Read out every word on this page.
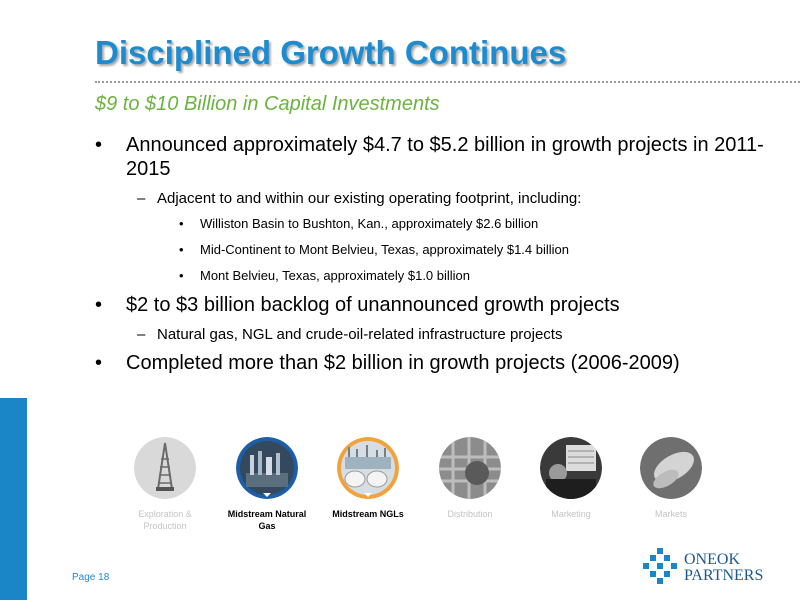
Disciplined Growth Continues
$9 to $10 Billion in Capital Investments
• Announced approximately $4.7 to $5.2 billion in growth projects in 2011-2015
– Adjacent to and within our existing operating footprint, including:
• Williston Basin to Bushton, Kan., approximately $2.6 billion
• Mid-Continent to Mont Belvieu, Texas, approximately $1.4 billion
• Mont Belvieu, Texas, approximately $1.0 billion
• $2 to $3 billion backlog of unannounced growth projects
– Natural gas, NGL and crude-oil-related infrastructure projects
• Completed more than $2 billion in growth projects (2006-2009)
Exploration & Production
Midstream Natural Gas
Midstream NGLs	Distribution	Marketing	Markets
Page 18
ONEOK
PARTNERS
